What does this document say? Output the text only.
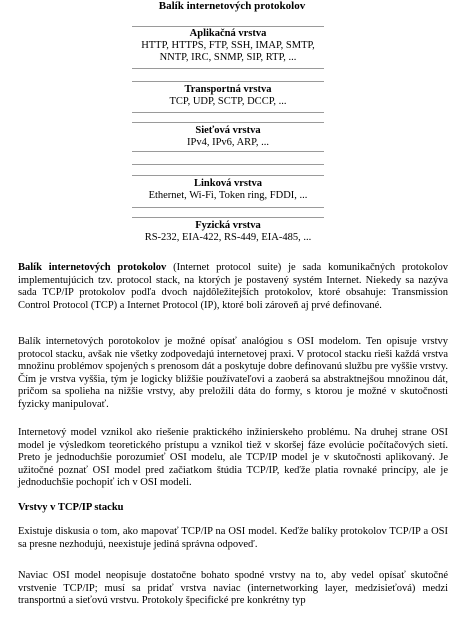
Balík internetových protokolov
Aplikačná vrstva
HTTP, HTTPS, FTP, SSH, IMAP, SMTP,
NNTP, IRC, SNMP, SIP, RTP, ...
Transportná vrstva
TCP, UDP, SCTP, DCCP, ...
Sieťová vrstva
IPv4, IPv6, ARP, ...
Linková vrstva
Ethernet, Wi-Fi, Token ring, FDDI, ...
Fyzická vrstva
RS-232, EIA-422, RS-449, EIA-485, ...
Balík internetových protokolov (Internet protocol suite) je sada komunikačných protokolov implementujúcich tzv. protocol stack, na ktorých je postavený systém Internet. Niekedy sa nazýva sada TCP/IP protokolov podľa dvoch najdôležitejších protokolov, ktoré obsahuje: Transmission Control Protocol (TCP) a Internet Protocol (IP), ktoré boli zároveň aj prvé definované.
Balík internetových porotokolov je možné opísať analógiou s OSI modelom. Ten opisuje vrstvy protocol stacku, avšak nie všetky zodpovedajú internetovej praxi. V protocol stacku rieši každá vrstva množinu problémov spojených s prenosom dát a poskytuje dobre definovanú službu pre vyššie vrstvy. Čím je vrstva vyššia, tým je logicky bližšie používateľovi a zaoberá sa abstraktnejšou množinou dát, pričom sa spolieha na nižšie vrstvy, aby preložili dáta do formy, s ktorou je možné v skutočnosti fyzicky manipulovať.
Internetový model vznikol ako riešenie praktického inžinierskeho problému. Na druhej strane OSI model je výsledkom teoretického prístupu a vznikol tiež v skoršej fáze evolúcie počítačových sietí. Preto je jednoduchšie porozumieť OSI modelu, ale TCP/IP model je v skutočnosti aplikovaný. Je užitočné poznať OSI model pred začiatkom štúdia TCP/IP, keďže platia rovnaké princípy, ale je jednoduchšie pochopiť ich v OSI modeli.
Vrstvy v TCP/IP stacku
Existuje diskusia o tom, ako mapovať TCP/IP na OSI model. Keďže balíky protokolov TCP/IP a OSI sa presne nezhodujú, neexistuje jediná správna odpoveď.
Naviac OSI model neopisuje dostatočne bohato spodné vrstvy na to, aby vedel opísať skutočné vrstvenie TCP/IP; musí sa pridať vrstva naviac (internetworking layer, medzisieťová) medzi transportnú a sieťovú vrstvu. Protokoly špecifické pre konkrétny typ
